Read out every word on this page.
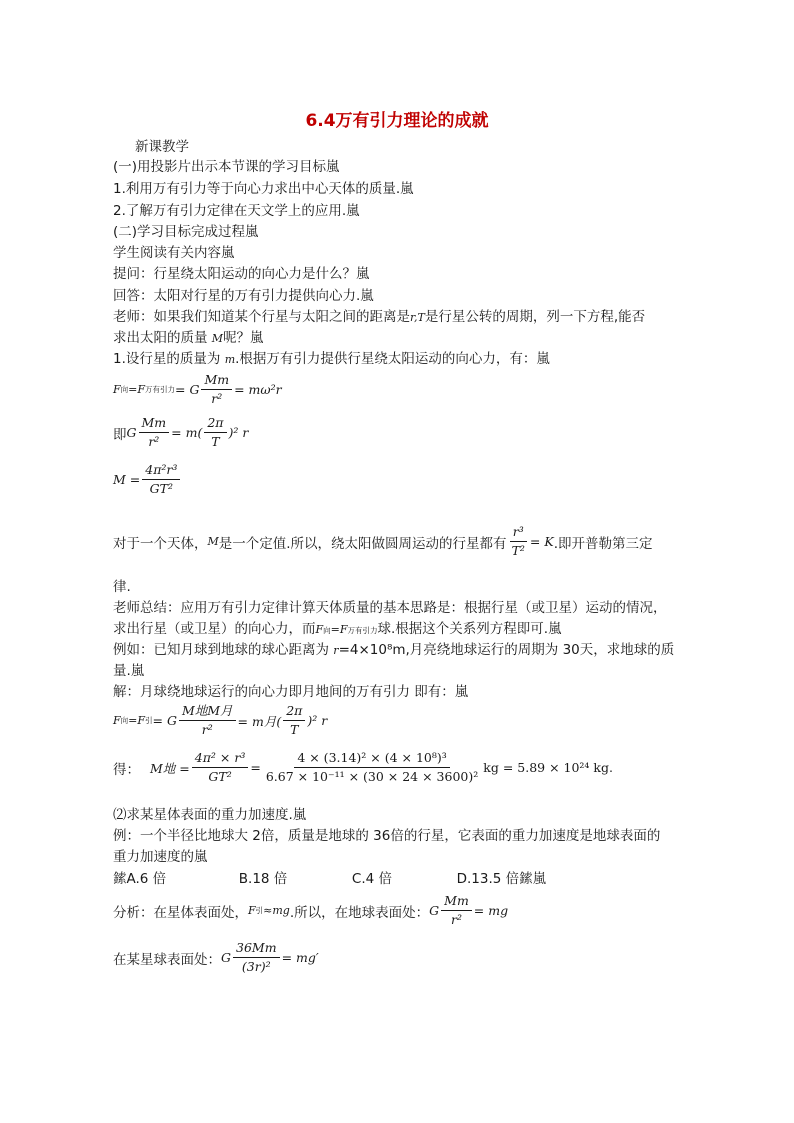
6.4万有引力理论的成就
新课教学
(一)用投影片出示本节课的学习目标嵐
1.利用万有引力等于向心力求出中心天体的质量.嵐
2.了解万有引力定律在天文学上的应用.嵐
(二)学习目标完成过程嵐
学生阅读有关内容嵐
提问：行星绕太阳运动的向心力是什么？嵐
回答：太阳对行星的万有引力提供向心力.嵐
老师：如果我们知道某个行星与太阳之间的距离是r,T是行星公转的周期，列一下方程,能否
求出太阳的质量 M呢？嵐
1.设行星的质量为 m.根据万有引力提供行星绕太阳运动的向心力，有：嵐
F 向 =F 万有引力 = G $\frac{Mm}{\text{r²}} = m\omega^2r$
即 G $\frac{Mm}{\text{r²}} = m( \frac{2\pi}{T} )^2$ r
$M = \frac{\text{4π²r³}}{\text{GT²}}$
对于一个天体， M 是一个定值.所以，绕太阳做圆周运动的行星都有 $\frac{\text{r³}}{\text{T²}} = K$ .即开普勒第三定
律.
老师总结：应用万有引力定律计算天体质量的基本思路是：根据行星（或卫星）运动的情况，
求出行星（或卫星）的向心力，而F向=F万有引力球.根据这个关系列方程即可.嵐
例如：已知月球到地球的球心距离为 r=4×10⁸m,月亮绕地球运行的周期为 30天，求地球的质
量.嵐
解：月球绕地球运行的向心力即月地间的万有引力 即有：嵐
F 向 =F 引 = G $\frac{\text{M地M月}}{\text{r²}} = m$月( $\frac{2\pi}{T} )^2$ r
得： M地 = $\frac{\text{4π² × r³}}{\text{GT²}} = \frac{\text{4 × (3.14)² × (4 × 10⁸)³}}{\text{6.67 × 10⁻¹¹ × (30 × 24 × 3600)²}}$ kg = 5.89 × 10²⁴ kg.
⑵求某星体表面的重力加速度.嵐
例：一个半径比地球大 2倍，质量是地球的 36倍的行星，它表面的重力加速度是地球表面的
重力加速度的嵐
鎍A.6 倍	B.18 倍	C.4 倍	D.13.5 倍鎍嵐
分析：在星体表面处， F 引 ≈mg .所以，在地球表面处： G $\frac{Mm}{\text{r²}}$ = mg
在某星球表面处： G $\frac{36Mm}{\text{(3r)²}} = mg'$
